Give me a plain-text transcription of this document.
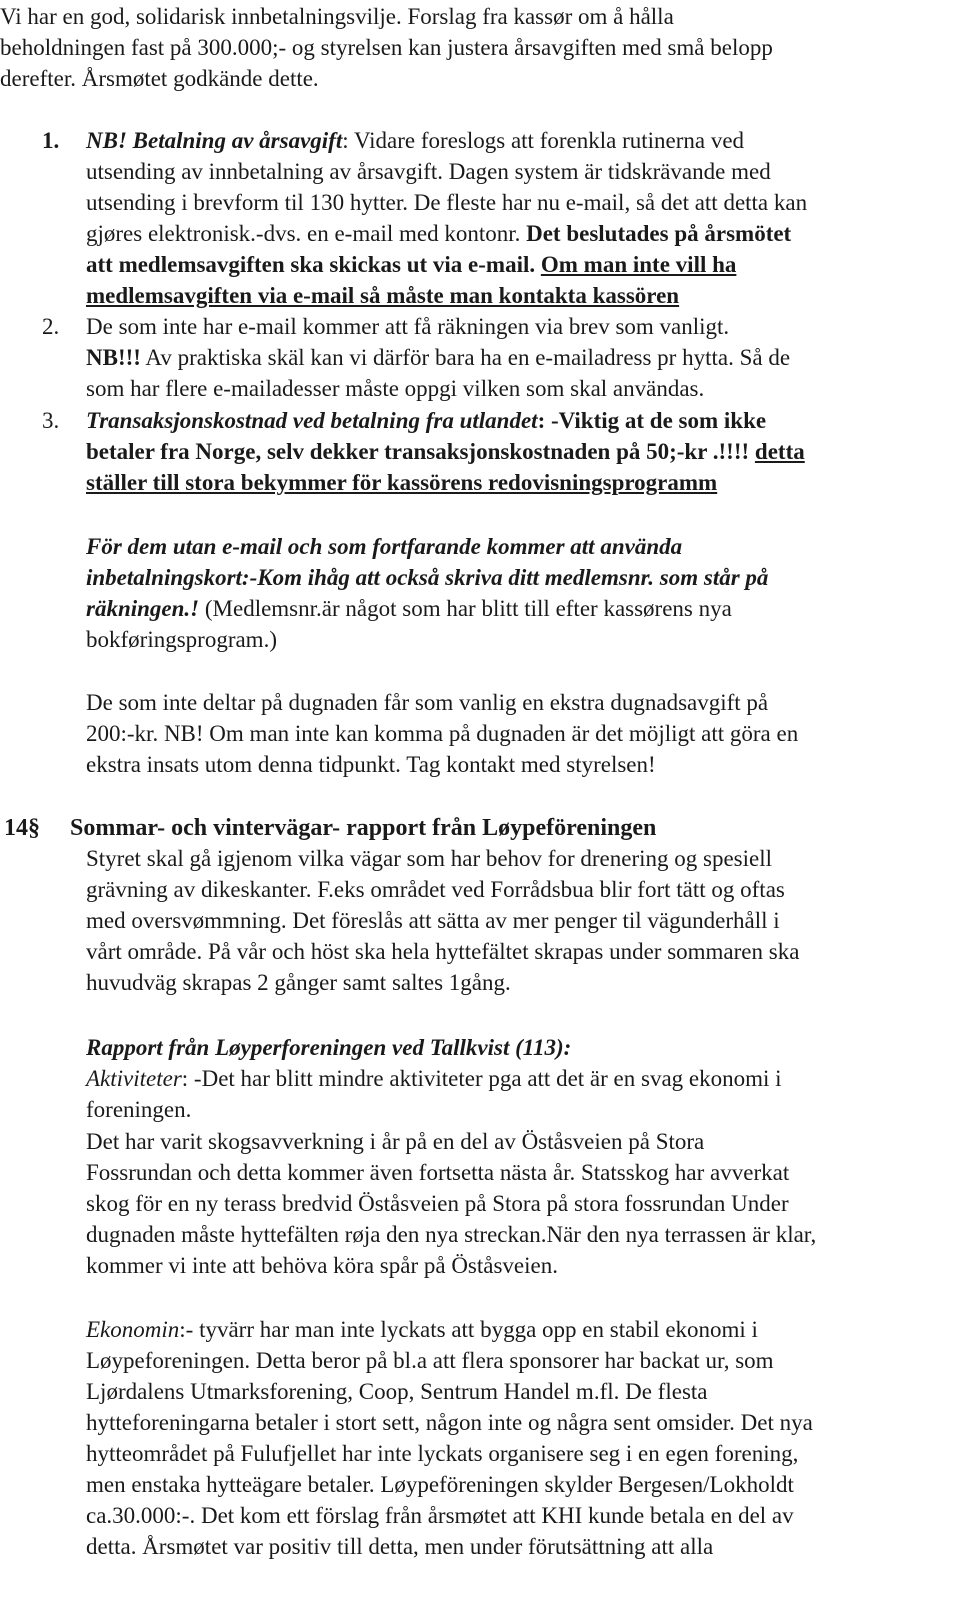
Vi har en god, solidarisk innbetalningsvilje. Forslag fra kassør om å hålla
beholdningen fast på 300.000;- og styrelsen kan justera årsavgiften med små belopp
derefter. Årsmøtet godkände dette.
1. NB! Betalning av årsavgift: Vidare foreslogs att forenkla rutinerna ved
utsending av innbetalning av årsavgift. Dagen system är tidskrävande med
utsending i brevform til 130 hytter. De fleste har nu e-mail, så det att detta kan
gjøres elektronisk.-dvs. en e-mail med kontonr. Det beslutades på årsmötet
att medlemsavgiften ska skickas ut via e-mail. Om man inte vill ha
medlemsavgiften via e-mail så måste man kontakta kassören
2. De som inte har e-mail kommer att få räkningen via brev som vanligt.
NB!!! Av praktiska skäl kan vi därför bara ha en e-mailadress pr hytta. Så de
som har flere e-mailadesser måste oppgi vilken som skal användas.
3. Transaksjonskostnad ved betalning fra utlandet: -Viktig at de som ikke
betaler fra Norge, selv dekker transaksjonskostnaden på 50;-kr .!!!! detta
ställer till stora bekymmer för kassörens redovisningsprogramm
För dem utan e-mail och som fortfarande kommer att använda
inbetalningskort:-Kom ihåg att också skriva ditt medlemsnr. som står på
räkningen.! (Medlemsnr.är något som har blitt till efter kassørens nya
bokføringsprogram.)
De som inte deltar på dugnaden får som vanlig en ekstra dugnadsavgift på
200:-kr. NB! Om man inte kan komma på dugnaden är det möjligt att göra en
ekstra insats utom denna tidpunkt. Tag kontakt med styrelsen!
14§ Sommar- och vintervägar- rapport från Løypeföreningen
Styret skal gå igjenom vilka vägar som har behov for drenering og spesiell
grävning av dikeskanter. F.eks området ved Forrådsbua blir fort tätt og oftas
med oversvømmning. Det föreslås att sätta av mer penger til vägunderhåll i
vårt område. På vår och höst ska hela hyttefältet skrapas under sommaren ska
huvudväg skrapas 2 gånger samt saltes 1gång.
Rapport från Løyperforeningen ved Tallkvist (113):
Aktiviteter: -Det har blitt mindre aktiviteter pga att det är en svag ekonomi i
foreningen.
Det har varit skogsavverkning i år på en del av Öståsveien på Stora
Fossrundan och detta kommer även fortsetta nästa år. Statsskog har avverkat
skog för en ny terass bredvid Öståsveien på Stora på stora fossrundan Under
dugnaden måste hyttefälten røja den nya streckan.När den nya terrassen är klar,
kommer vi inte att behöva köra spår på Öståsveien.
Ekonomin:- tyvärr har man inte lyckats att bygga opp en stabil ekonomi i
Løypeforeningen. Detta beror på bl.a att flera sponsorer har backat ur, som
Ljørdalens Utmarksforening, Coop, Sentrum Handel m.fl. De flesta
hytteforeningarna betaler i stort sett, någon inte og några sent omsider. Det nya
hytteområdet på Fulufjellet har inte lyckats organisere seg i en egen forening,
men enstaka hytteägare betaler. Løypeföreningen skylder Bergesen/Lokholdt
ca.30.000:-. Det kom ett förslag från årsmøtet att KHI kunde betala en del av
detta. Årsmøtet var positiv till detta, men under förutsättning att alla
